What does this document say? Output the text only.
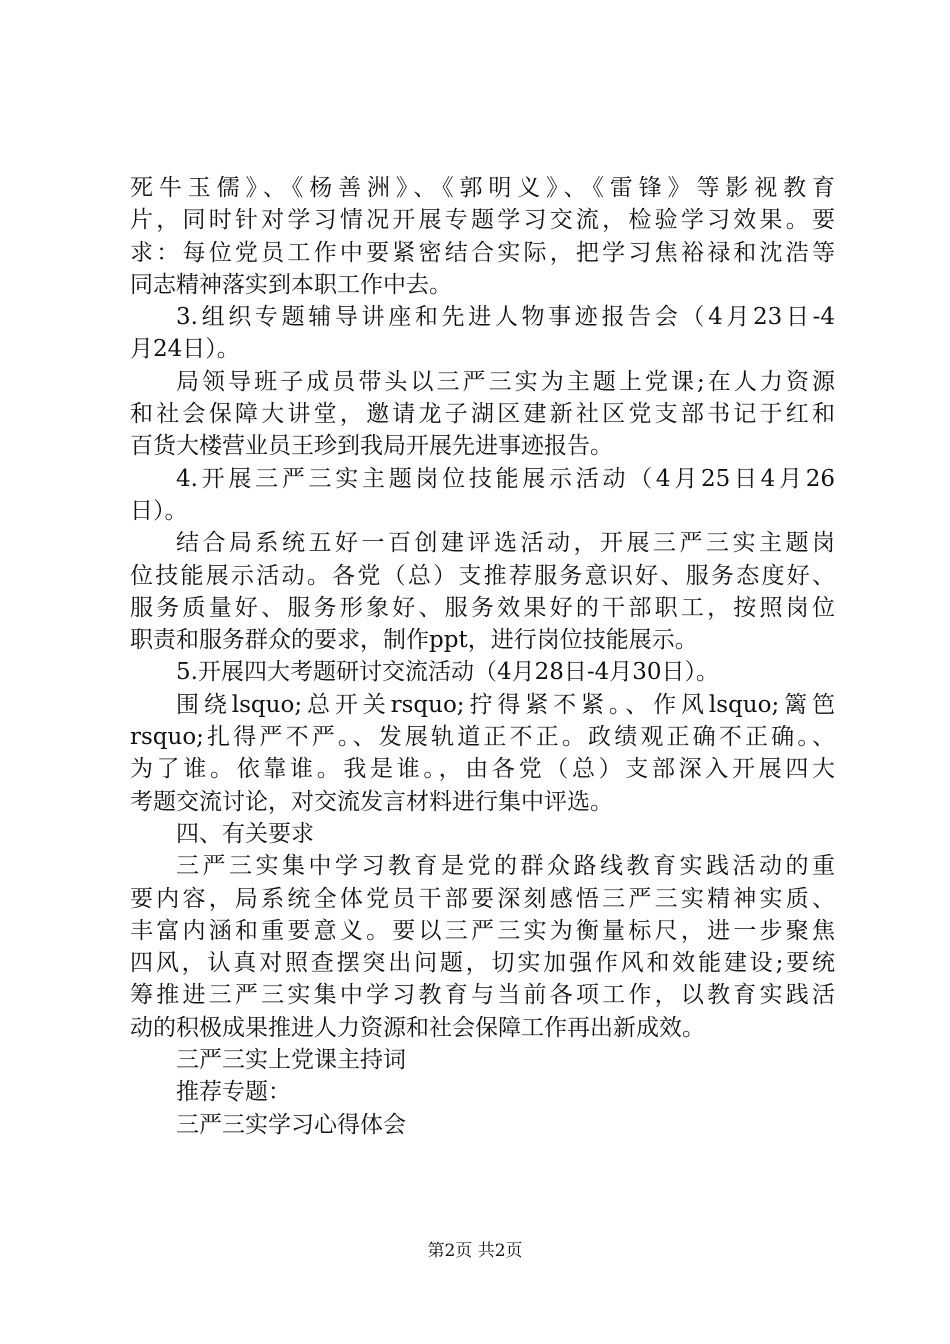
死牛玉儒》、《杨善洲》、《郭明义》、《雷锋》等影视教育
片，同时针对学习情况开展专题学习交流，检验学习效果。要
求：每位党员工作中要紧密结合实际，把学习焦裕禄和沈浩等
同志精神落实到本职工作中去。
3.组织专题辅导讲座和先进人物事迹报告会（4月23日-4
月24日）。
局领导班子成员带头以三严三实为主题上党课;在人力资源
和社会保障大讲堂，邀请龙子湖区建新社区党支部书记于红和
百货大楼营业员王珍到我局开展先进事迹报告。
4.开展三严三实主题岗位技能展示活动（4月25日4月26
日）。
结合局系统五好一百创建评选活动，开展三严三实主题岗
位技能展示活动。各党（总）支推荐服务意识好、服务态度好、
服务质量好、服务形象好、服务效果好的干部职工，按照岗位
职责和服务群众的要求，制作ppt，进行岗位技能展示。
5.开展四大考题研讨交流活动（4月28日-4月30日）。
围绕lsquo;总开关rsquo;拧得紧不紧。、作风lsquo;篱笆
rsquo;扎得严不严。、发展轨道正不正。政绩观正确不正确。、
为了谁。依靠谁。我是谁。，由各党（总）支部深入开展四大
考题交流讨论，对交流发言材料进行集中评选。
四、有关要求
三严三实集中学习教育是党的群众路线教育实践活动的重
要内容，局系统全体党员干部要深刻感悟三严三实精神实质、
丰富内涵和重要意义。要以三严三实为衡量标尺，进一步聚焦
四风，认真对照查摆突出问题，切实加强作风和效能建设;要统
筹推进三严三实集中学习教育与当前各项工作，以教育实践活
动的积极成果推进人力资源和社会保障工作再出新成效。
三严三实上党课主持词
推荐专题：
三严三实学习心得体会
第2页 共2页
